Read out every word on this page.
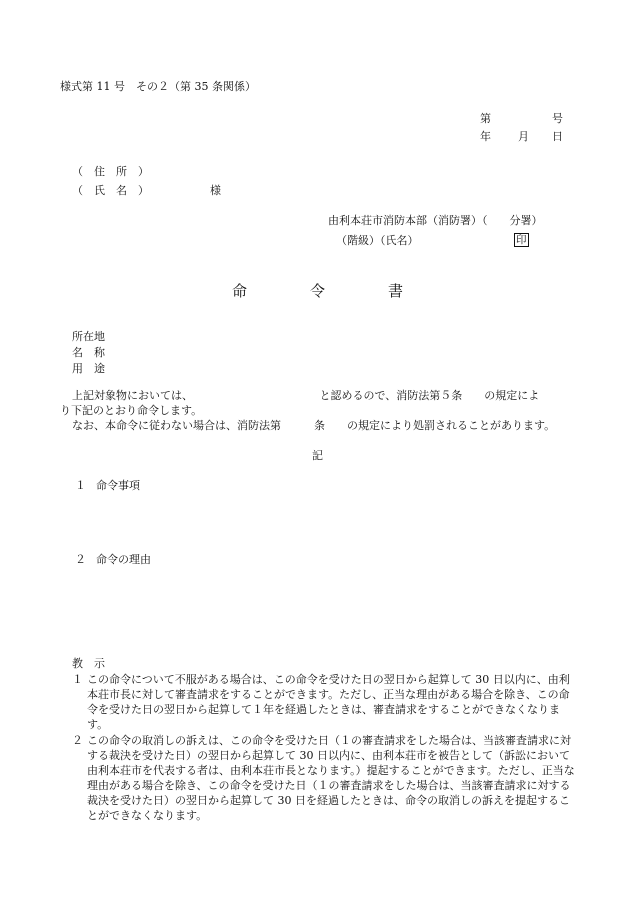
様式第 11 号　その２（第 35 条関係）
第	号
年 月 日
（　住　所　）
（　氏　名　）	様
由利本荘市消防本部（消防署）（　　分署）
（階級）（氏名）	印
命	令	書
所在地
名　称
用　途
上記対象物においては、　　　　　　　　　　　　と認めるので、消防法第５条　　の規定によ
り下記のとおり命令します。
なお、本命令に従わない場合は、消防法第　　　条　　の規定により処罰されることがあります。
記
１ 命令事項
２ 命令の理由
教　示
１ この命令について不服がある場合は、この命令を受けた日の翌日から起算して 30 日以内に、由利本荘市長に対して審査請求をすることができます。ただし、正当な理由がある場合を除き、この命令を受けた日の翌日から起算して１年を経過したときは、審査請求をすることができなくなります。
２ この命令の取消しの訴えは、この命令を受けた日（１の審査請求をした場合は、当該審査請求に対する裁決を受けた日）の翌日から起算して 30 日以内に、由利本荘市を被告として（訴訟において由利本荘市を代表する者は、由利本荘市長となります。）提起することができます。ただし、正当な理由がある場合を除き、この命令を受けた日（１の審査請求をした場合は、当該審査請求に対する裁決を受けた日）の翌日から起算して 30 日を経過したときは、命令の取消しの訴えを提起することができなくなります。
